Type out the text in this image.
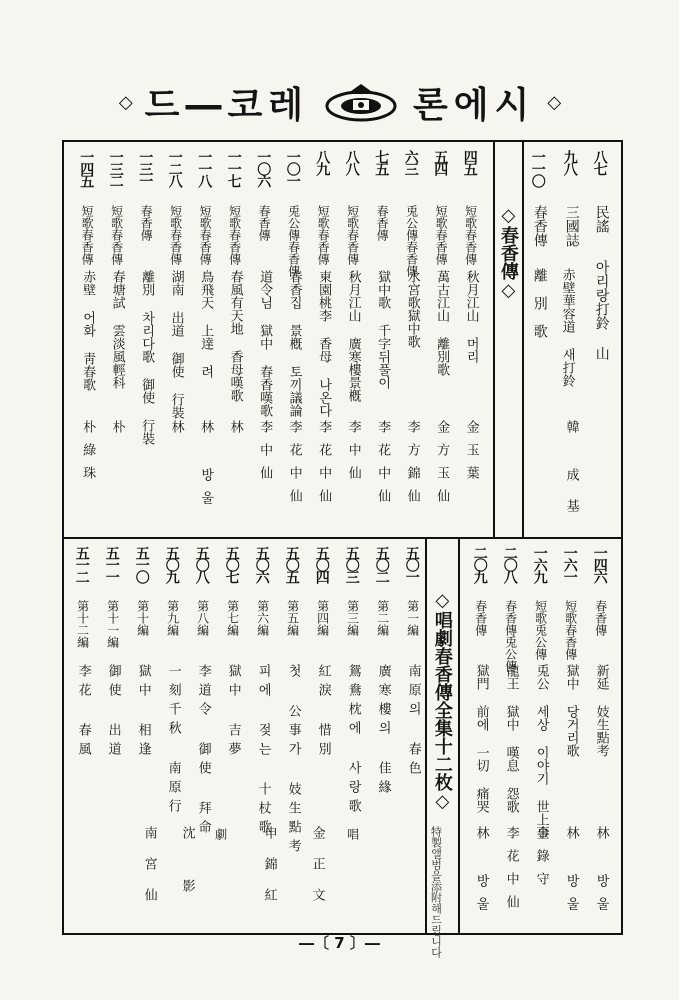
◇ 드―코레	론에시 ◇
◇春香傳◇
◇唱劇春香傳全集十二枚◇
特製앨범을添附해드립니다
八七
民謠
아리랑打鈴 山
九八
三國誌
赤壁華容道 새打鈴
一一〇
春香傳
離別歌
韓
成基
四五
短歌春香傳
秋月江山 머리
金玉葉
五四
短歌春香傳
萬古江山 離別歌
金方玉仙
六三
兎公傳春香傳
水宮歌獄中歌
李方錦仙
七五
春香傳
獄中歌 千字뒤풀이
李花中仙
八八
短歌春香傳
秋月江山 廣寒樓景槪
李中仙
八九
短歌春香傳
東園桃李 香母 나온다
李花中仙
一〇一
兎公傳春香傳
春香집 景槪 토끼議論
李花中仙
一〇六
春香傳
道令님 獄中 春香嘆歌
李中仙
一一七
短歌春香傳
春風有天地 香母嘆歌
林
一一八
短歌春香傳
鳥飛天 上達 려
林 방울
一二八
短歌春香傳
湖南 出道 御使 行裝
林
一三一
春香傳
離別 차리다歌 御使 行裝
一三二
短歌春香傳
春塘試 雲淡風輕科
朴
一四五
短歌春香傳
赤壁 어화 靑春歌
朴綠珠
一四六
春香傳
新延 妓生點考
林 방울
一六一
短歌春香傳
獄中 당거리歌
林 방울
一六九
短歌兎公傳
兎公 세상 이야기 世上事
金錄守
二〇八
春香傳兎公傳
龍王 獄中 嘆息 怨歌
李花中仙
二〇九
春香傳
獄門 前에 一切 痛哭
林 방울
五〇一
第一編
南原의 春色
五〇二
第二編
廣寒樓의 佳緣
五〇三
第三編
鴛鴦枕에 사랑歌
五〇四
第四編
紅淚 惜別
五〇五
第五編
첫 公事가 妓生點考
五〇六
第六編
피에 젖는 十杖歌
五〇七
第七編
獄中 吉夢
五〇八
第八編
李道令 御使 拜命
五〇九
第九編
一刻千秋 南原行
五一〇
第十編
獄中 相逢
五一一
第十一編
御使 出道
五一二
第十二編
李花 春風
唱
劇	金正文
申錦紅
沈影
南宮仙
―〔 7 〕―
